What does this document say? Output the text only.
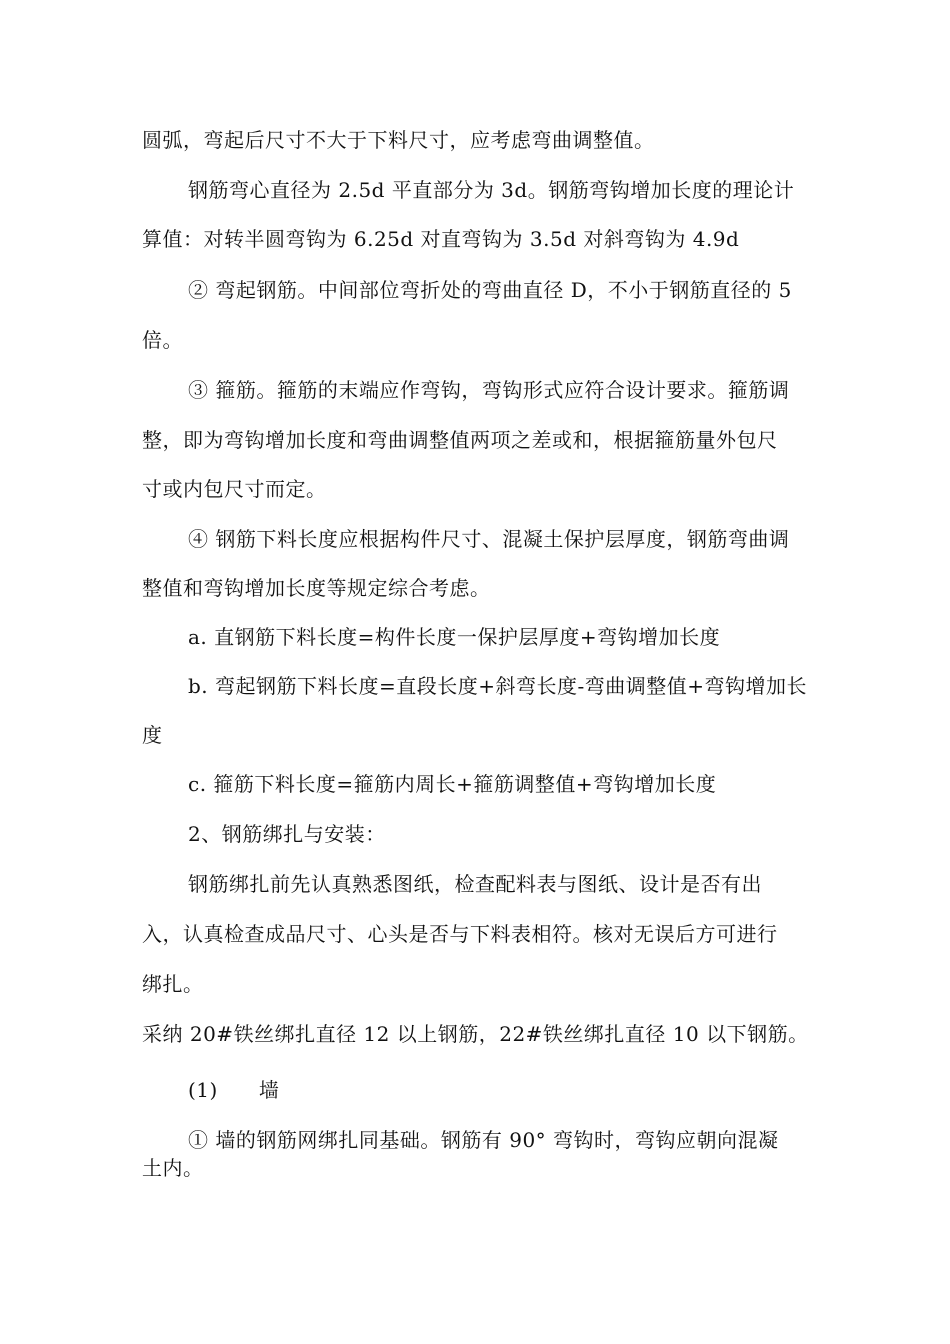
圆弧，弯起后尺寸不大于下料尺寸，应考虑弯曲调整值。
钢筋弯心直径为 2.5d 平直部分为 3d。钢筋弯钩增加长度的理论计
算值：对转半圆弯钩为 6.25d 对直弯钩为 3.5d 对斜弯钩为 4.9d
② 弯起钢筋。中间部位弯折处的弯曲直径 D，不小于钢筋直径的 5
倍。
③ 箍筋。箍筋的末端应作弯钩，弯钩形式应符合设计要求。箍筋调
整，即为弯钩增加长度和弯曲调整值两项之差或和，根据箍筋量外包尺
寸或内包尺寸而定。
④ 钢筋下料长度应根据构件尺寸、混凝土保护层厚度，钢筋弯曲调
整值和弯钩增加长度等规定综合考虑。
a. 直钢筋下料长度=构件长度一保护层厚度+弯钩增加长度
b. 弯起钢筋下料长度=直段长度+斜弯长度-弯曲调整值+弯钩增加长
度
c. 箍筋下料长度=箍筋内周长+箍筋调整值+弯钩增加长度
2、钢筋绑扎与安装：
钢筋绑扎前先认真熟悉图纸，检查配料表与图纸、设计是否有出
入，认真检查成品尺寸、心头是否与下料表相符。核对无误后方可进行
绑扎。
采纳 20#铁丝绑扎直径 12 以上钢筋，22#铁丝绑扎直径 10 以下钢筋。
(1)　　墙
① 墙的钢筋网绑扎同基础。钢筋有 90° 弯钩时，弯钩应朝向混凝
土内。
